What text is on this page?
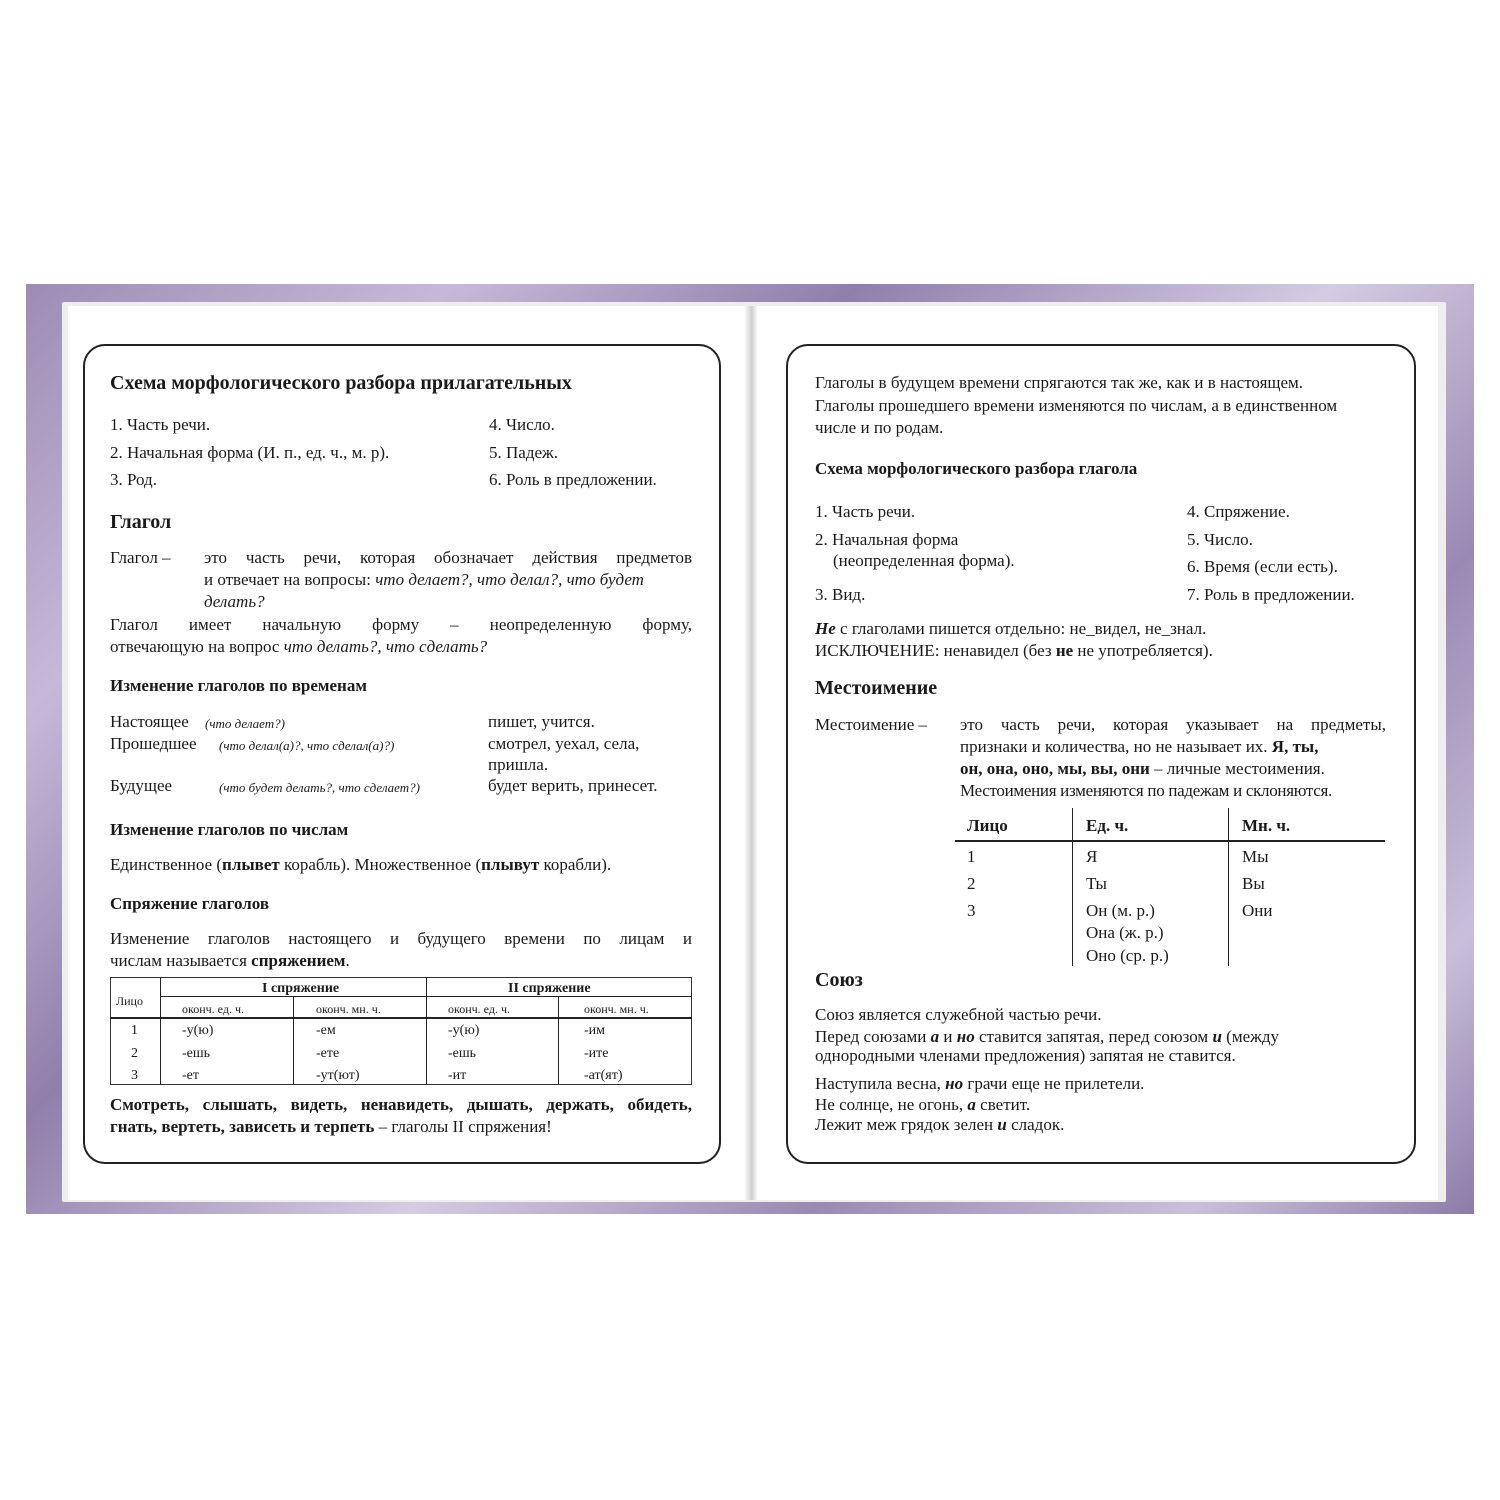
Схема морфологического разбора прилагательных
1. Часть речи.
2. Начальная форма (И. п., ед. ч., м. р).
3. Род.
4. Число.
5. Падеж.
6. Роль в предложении.
Глагол
Глагол – это часть речи, которая обозначает действия предметов
и отвечает на вопросы: что делает?, что делал?, что будет
делать?
Глагол имеет начальную форму – неопределенную форму,
отвечающую на вопрос что делать?, что сделать?
Изменение глаголов по временам
Настоящее (что делает?)	пишет, учится.
Прошедшее (что делал(а)?, что сделал(а)?)	смотрел, уехал, села,
пришла.
Будущее	(что будет делать?, что сделает?)	будет верить, принесет.
Изменение глаголов по числам
Единственное (плывет корабль). Множественное (плывут корабли).
Спряжение глаголов
Изменение глаголов настоящего и будущего времени по лицам и
числам называется спряжением.
Лицо
I спряжение	II спряжение
оконч. ед. ч.	оконч. мн. ч.	оконч. ед. ч.	оконч. мн. ч.
1	-у(ю)	-ем	-у(ю)	-им
2	-ешь	-ете	-ешь	-ите
3	-ет	-ут(ют)	-ит	-ат(ят)
Смотреть, слышать, видеть, ненавидеть, дышать, держать, обидеть,
гнать, вертеть, зависеть и терпеть – глаголы II спряжения!
Глаголы в будущем времени спрягаются так же, как и в настоящем.
Глаголы прошедшего времени изменяются по числам, а в единственном
числе и по родам.
Схема морфологического разбора глагола
1. Часть речи.
2. Начальная форма
(неопределенная форма).
3. Вид.
4. Спряжение.
5. Число.
6. Время (если есть).
7. Роль в предложении.
Не с глаголами пишется отдельно: не_видел, не_знал.
ИСКЛЮЧЕНИЕ: ненавидел (без не не употребляется).
Местоимение
Местоимение – это часть речи, которая указывает на предметы,
признаки и количества, но не называет их. Я, ты,
он, она, оно, мы, вы, они – личные местоимения.
Местоимения изменяются по падежам и склоняются.
Лицо	Ед. ч.	Мн. ч.
1	Я	Мы
2	Ты	Вы
3	Он (м. р.)	Они
Она (ж. р.)
Оно (ср. р.)
Союз
Союз является служебной частью речи.
Перед союзами а и но ставится запятая, перед союзом и (между
однородными членами предложения) запятая не ставится.
Наступила весна, но грачи еще не прилетели.
Не солнце, не огонь, а светит.
Лежит меж грядок зелен и сладок.
